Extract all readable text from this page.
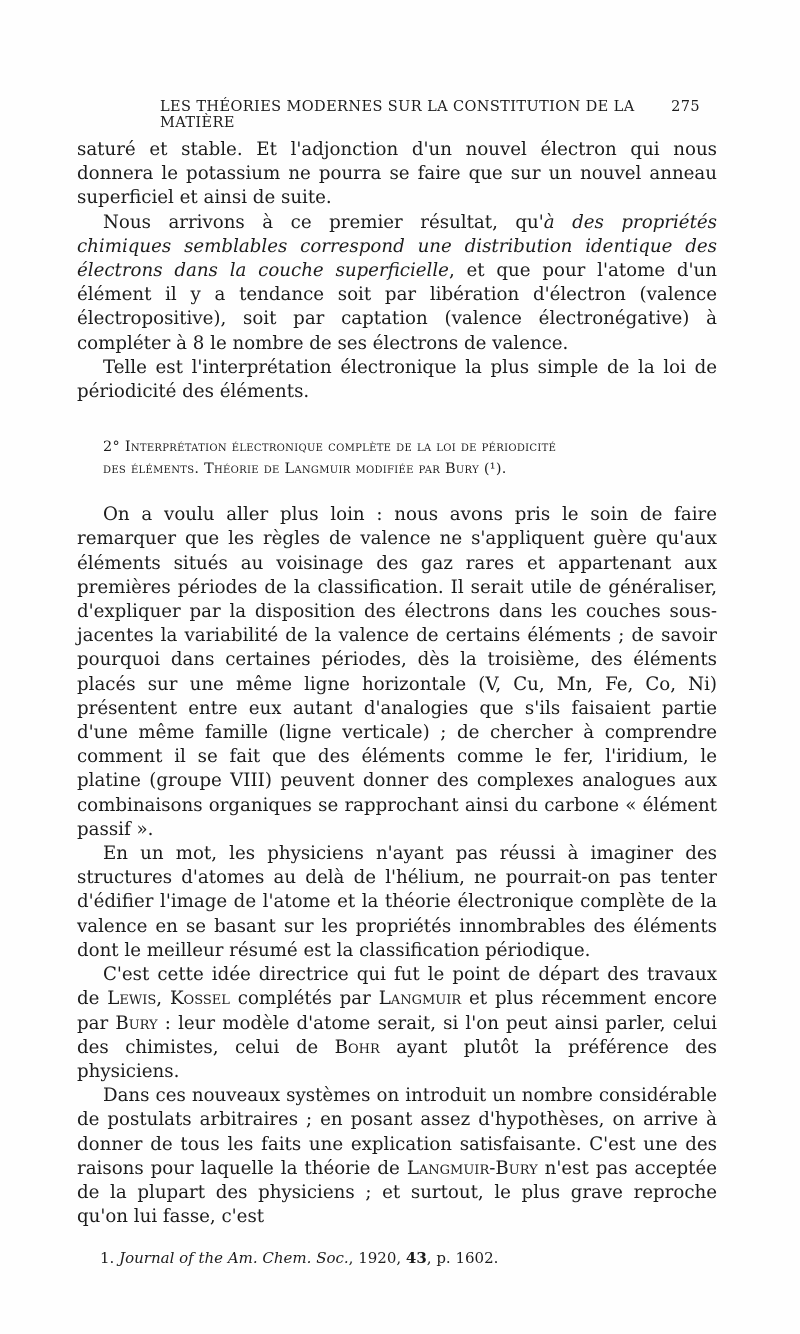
LES THÉORIES MODERNES SUR LA CONSTITUTION DE LA MATIÈRE
275

saturé et stable. Et l'adjonction d'un nouvel électron qui nous donnera le potassium ne pourra se faire que sur un nouvel anneau superficiel et ainsi de suite.

Nous arrivons à ce premier résultat, qu'à des propriétés chimiques semblables correspond une distribution identique des électrons dans la couche superficielle, et que pour l'atome d'un élément il y a tendance soit par libération d'électron (valence électropositive), soit par captation (valence électronégative) à compléter à 8 le nombre de ses électrons de valence.

Telle est l'interprétation électronique la plus simple de la loi de périodicité des éléments.

2° Interprétation électronique complète de la loi de périodicité
des éléments. Théorie de Langmuir modifiée par Bury (¹).

On a voulu aller plus loin : nous avons pris le soin de faire remarquer que les règles de valence ne s'appliquent guère qu'aux éléments situés au voisinage des gaz rares et appartenant aux premières périodes de la classification. Il serait utile de généraliser, d'expliquer par la disposition des électrons dans les couches sous-jacentes la variabilité de la valence de certains éléments ; de savoir pourquoi dans certaines périodes, dès la troisième, des éléments placés sur une même ligne horizontale (V, Cu, Mn, Fe, Co, Ni) présentent entre eux autant d'analogies que s'ils faisaient partie d'une même famille (ligne verticale) ; de chercher à comprendre comment il se fait que des éléments comme le fer, l'iridium, le platine (groupe VIII) peuvent donner des complexes analogues aux combinaisons organiques se rapprochant ainsi du carbone « élément passif ».

En un mot, les physiciens n'ayant pas réussi à imaginer des structures d'atomes au delà de l'hélium, ne pourrait-on pas tenter d'édifier l'image de l'atome et la théorie électronique complète de la valence en se basant sur les propriétés innombrables des éléments dont le meilleur résumé est la classification périodique.

C'est cette idée directrice qui fut le point de départ des travaux de Lewis, Kossel complétés par Langmuir et plus récemment encore par Bury : leur modèle d'atome serait, si l'on peut ainsi parler, celui des chimistes, celui de Bohr ayant plutôt la préférence des physiciens.

Dans ces nouveaux systèmes on introduit un nombre considérable de postulats arbitraires ; en posant assez d'hypothèses, on arrive à donner de tous les faits une explication satisfaisante. C'est une des raisons pour laquelle la théorie de Langmuir-Bury n'est pas acceptée de la plupart des physiciens ; et surtout, le plus grave reproche qu'on lui fasse, c'est

1. Journal of the Am. Chem. Soc., 1920, 43, p. 1602.
